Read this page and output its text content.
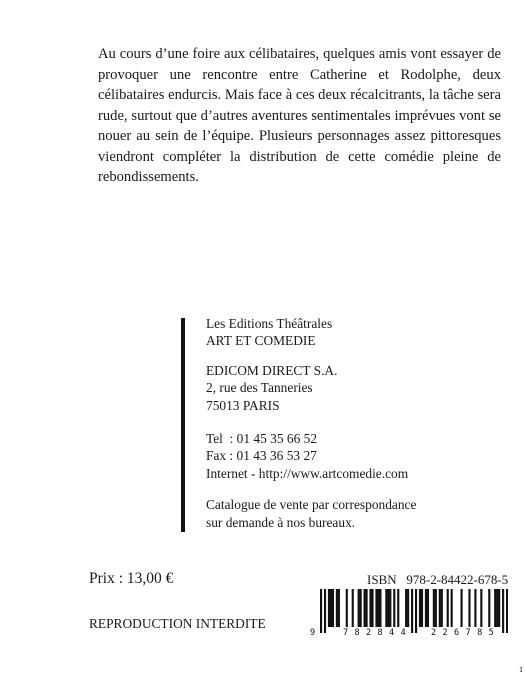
Au cours d’une foire aux célibataires, quelques amis vont essayer de provoquer une rencontre entre Catherine et Rodolphe, deux célibataires endurcis. Mais face à ces deux récalcitrants, la tâche sera rude, surtout que d’autres aventures sentimentales imprévues vont se nouer au sein de l’équipe. Plusieurs personnages assez pittoresques viendront compléter la distribution de cette comédie pleine de rebondissements.

Les Editions Théâtrales
ART ET COMEDIE
EDICOM DIRECT S.A.
2, rue des Tanneries
75013 PARIS
Tel  : 01 45 35 66 52
Fax : 01 43 36 53 27
Internet - http://www.artcomedie.com
Catalogue de vente par correspondance
sur demande à nos bureaux.
Prix : 13,00 €
REPRODUCTION INTERDITE
ISBN   978-2-84422-678-5
9	782844 226785
1
